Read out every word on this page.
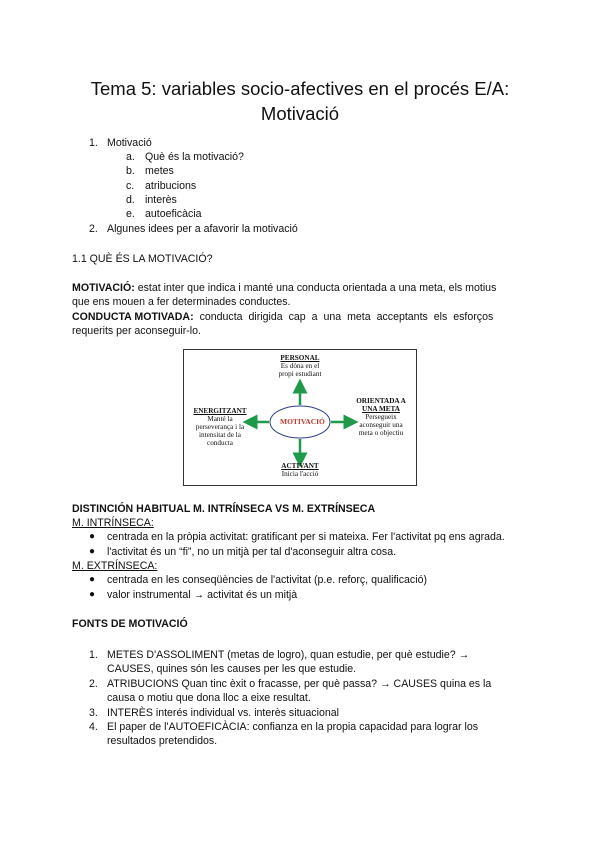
Tema 5: variables socio-afectives en el procés E/A:
Motivació
1. Motivació
a. Què és la motivació?
b. metes
c. atribucions
d. interès
e. autoeficàcia
2. Algunes idees per a afavorir la motivació
1.1 QUÈ ÉS LA MOTIVACIÓ?
MOTIVACIÓ: estat inter que indica i manté una conducta orientada a una meta, els motius
que ens mouen a fer determinades conductes.
CONDUCTA MOTIVADA: conducta dirigida cap a una meta acceptants els esforços
requerits per aconseguir-lo.
MOTIVACIÓ
PERSONAL
Es dóna en el
propi estudiant
ORIENTADA A
UNA META
Persegueix
aconseguir una
meta o objectiu
ENERGITZANT
Manté la
perseverança i la
intensitat de la
conducta
ACTIVANT
Inicia l'acció
DISTINCIÓN HABITUAL M. INTRÍNSECA VS M. EXTRÍNSECA
M. INTRÍNSECA:
● centrada en la pròpia activitat: gratificant per si mateixa. Fer l'activitat pq ens agrada.
● l'activitat és un “fi”, no un mitjà per tal d'aconseguir altra cosa.
M. EXTRÍNSECA:
● centrada en les conseqüències de l'activitat (p.e. reforç, qualificació)
● valor instrumental → activitat és un mitjà
FONTS DE MOTIVACIÓ
1. METES D'ASSOLIMENT (metas de logro), quan estudie, per què estudie? →
CAUSES, quines són les causes per les que estudie.
2. ATRIBUCIONS Quan tinc èxit o fracasse, per què passa? → CAUSES quina es la
causa o motiu que dona lloc a eixe resultat.
3. INTERÈS interés individual vs. interès situacional
4. El paper de l'AUTOEFICÀCIA: confianza en la propia capacidad para lograr los
resultados pretendidos.
